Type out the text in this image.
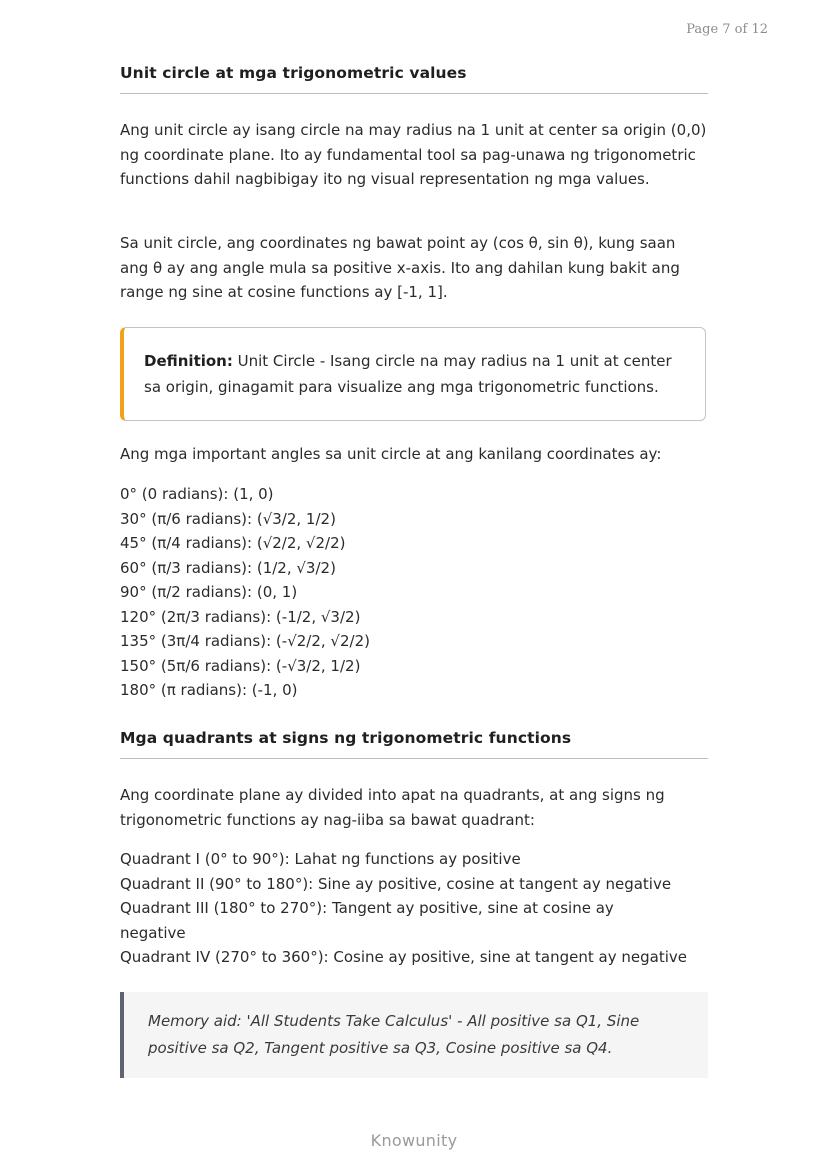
Page 7 of 12
Unit circle at mga trigonometric values

Ang unit circle ay isang circle na may radius na 1 unit at center sa origin (0,0) ng coordinate plane. Ito ay fundamental tool sa pag-unawa ng trigonometric functions dahil nagbibigay ito ng visual representation ng mga values.

Sa unit circle, ang coordinates ng bawat point ay (cos θ, sin θ), kung saan ang θ ay ang angle mula sa positive x-axis. Ito ang dahilan kung bakit ang range ng sine at cosine functions ay [-1, 1].

Definition: Unit Circle - Isang circle na may radius na 1 unit at center sa origin, ginagamit para visualize ang mga trigonometric functions.

Ang mga important angles sa unit circle at ang kanilang coordinates ay:

0° (0 radians): (1, 0)

30° (π/6 radians): (√3/2, 1/2)

45° (π/4 radians): (√2/2, √2/2)

60° (π/3 radians): (1/2, √3/2)

90° (π/2 radians): (0, 1)

120° (2π/3 radians): (-1/2, √3/2)

135° (3π/4 radians): (-√2/2, √2/2)

150° (5π/6 radians): (-√3/2, 1/2)

180° (π radians): (-1, 0)

Mga quadrants at signs ng trigonometric functions

Ang coordinate plane ay divided into apat na quadrants, at ang signs ng trigonometric functions ay nag-iiba sa bawat quadrant:

Quadrant I (0° to 90°): Lahat ng functions ay positive

Quadrant II (90° to 180°): Sine ay positive, cosine at tangent ay negative

Quadrant III (180° to 270°): Tangent ay positive, sine at cosine ay negative

Quadrant IV (270° to 360°): Cosine ay positive, sine at tangent ay negative

Memory aid: 'All Students Take Calculus' - All positive sa Q1, Sine positive sa Q2, Tangent positive sa Q3, Cosine positive sa Q4.
Knowunity
